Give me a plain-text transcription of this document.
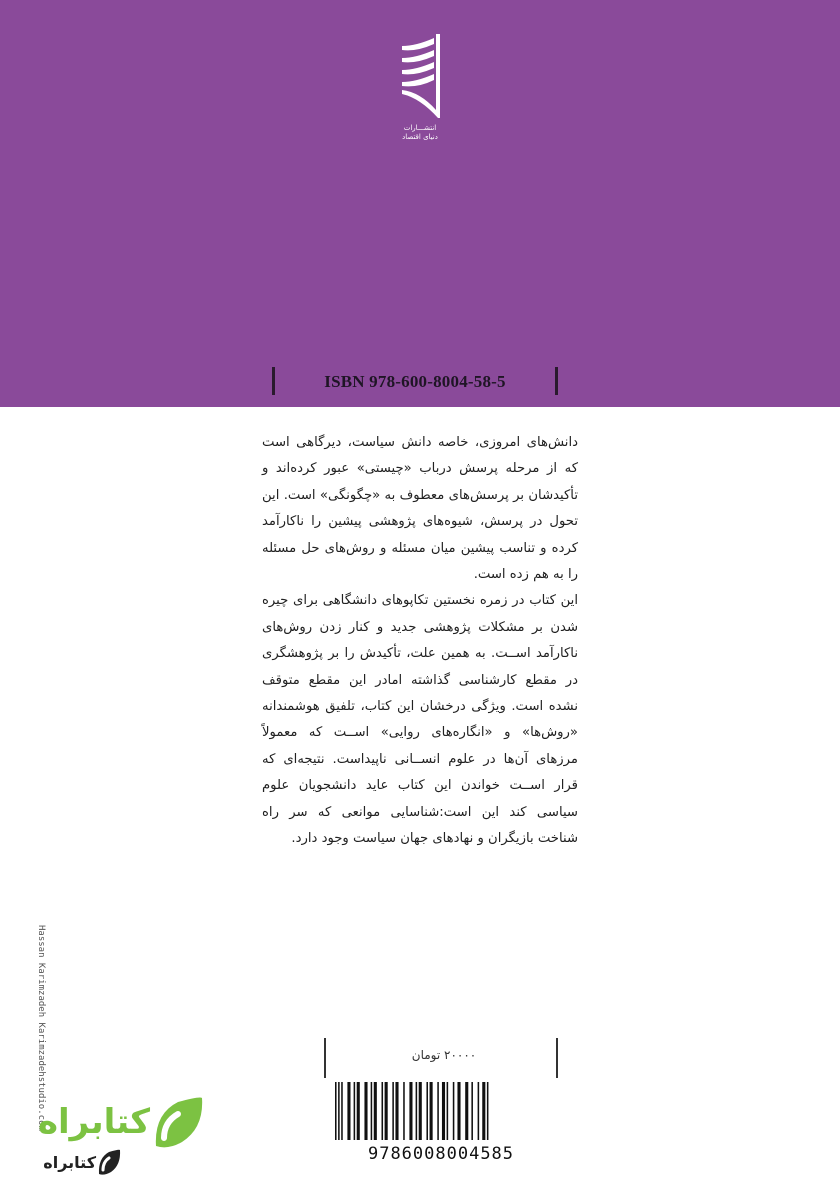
انتشـــارات
دنیای اقتصاد
ISBN 978-600-8004-58-5

دانش‌های امروزی، خاصه دانش سیاست، دیرگاهی است که از مرحله پرسش درباب «چیستی» عبور کرده‌اند و تأکیدشان بر پرسش‌های معطوف به «چگونگی» است. این تحول در پرسش، شیوه‌های پژوهشی پیشین را ناکارآمد کرده و تناسب پیشین میان مسئله و روش‌های حل مسئله را به هم زده است.

این کتاب در زمره نخستین تکاپوهای دانشگاهی برای چیره شدن بر مشکلات پژوهشی جدید و کنار زدن روش‌های ناکارآمد اســت. به همین علت، تأکیدش را بر پژوهشگری در مقطع کارشناسی گذاشته امادر این مقطع متوقف نشده است. ویژگی درخشان این کتاب، تلفیق هوشمندانه «روش‌ها» و «انگاره‌های روایی» اســت که معمولاً مرزهای آن‌ها در علوم انســانی ناپیداست. نتیجه‌ای که قرار اســت خواندن این کتاب عاید دانشجویان علوم سیاسی کند این است:شناسایی موانعی که سر راه شناخت بازیگران و نهادهای جهان سیاست وجود دارد.

Hassan Karimzadeh Karimzadehstudio.com	۲۰۰۰۰ تومان
9786008004585
کتابراه
کتابراه
